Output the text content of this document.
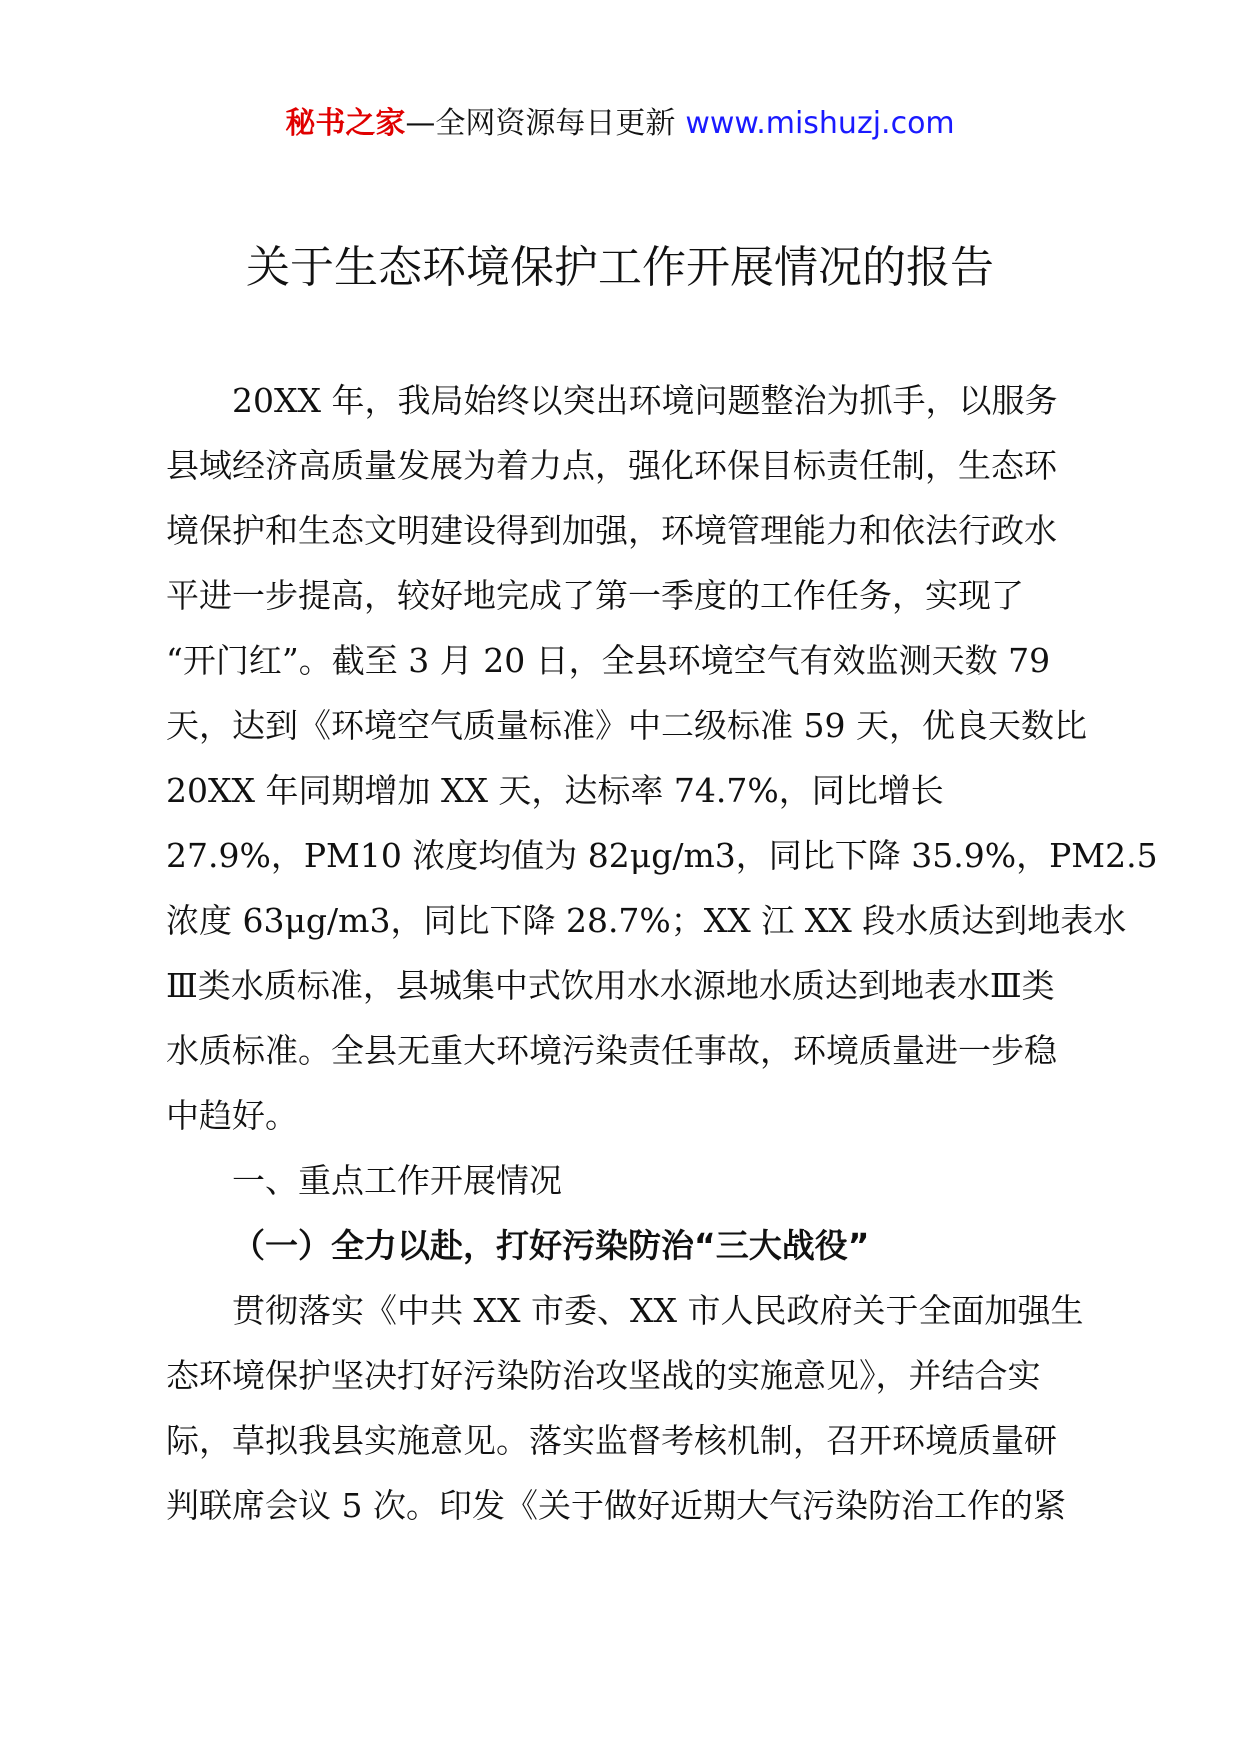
秘书之家—全网资源每日更新 www.mishuzj.com
关于生态环境保护工作开展情况的报告
20XX 年，我局始终以突出环境问题整治为抓手，以服务
县域经济高质量发展为着力点，强化环保目标责任制，生态环
境保护和生态文明建设得到加强，环境管理能力和依法行政水
平进一步提高，较好地完成了第一季度的工作任务，实现了
“开门红”。截至 3 月 20 日，全县环境空气有效监测天数 79
天，达到《环境空气质量标准》中二级标准 59 天，优良天数比
20XX 年同期增加 XX 天，达标率 74.7%，同比增长
27.9%，PM10 浓度均值为 82μg/m3，同比下降 35.9%，PM2.5
浓度 63μg/m3，同比下降 28.7%；XX 江 XX 段水质达到地表水
Ⅲ类水质标准，县城集中式饮用水水源地水质达到地表水Ⅲ类
水质标准。全县无重大环境污染责任事故，环境质量进一步稳
中趋好。
一、重点工作开展情况
（一）全力以赴，打好污染防治“三大战役”
贯彻落实《中共 XX 市委、XX 市人民政府关于全面加强生
态环境保护坚决打好污染防治攻坚战的实施意见》，并结合实
际，草拟我县实施意见。落实监督考核机制，召开环境质量研
判联席会议 5 次。印发《关于做好近期大气污染防治工作的紧
